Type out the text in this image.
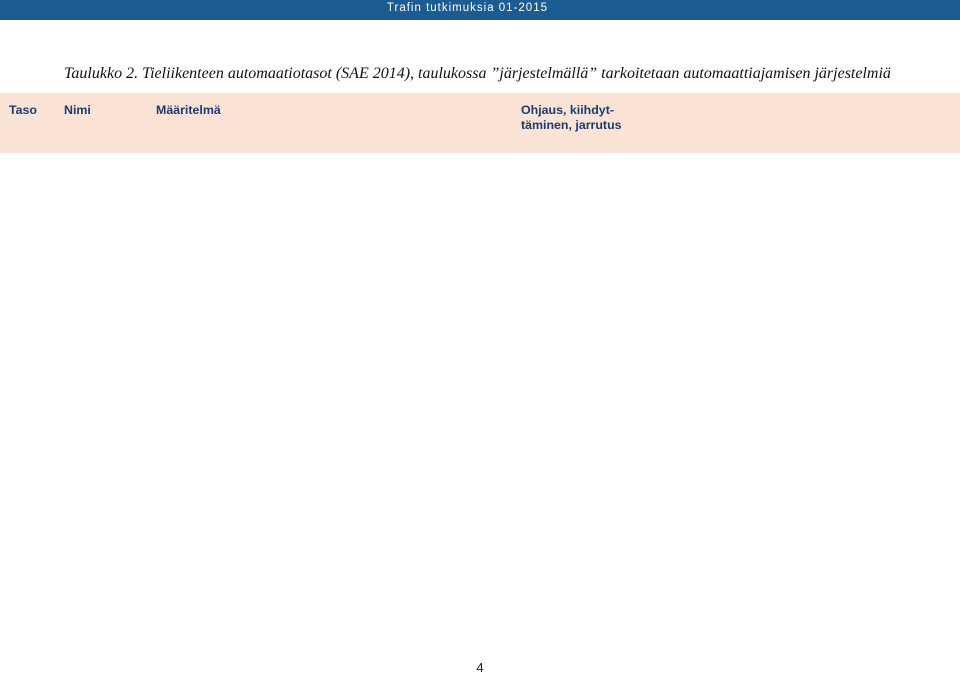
Trafin tutkimuksia 01-2015
Taulukko 2. Tieliikenteen automaatiotasot (SAE 2014), taulukossa ”järjestelmällä” tarkoitetaan automaattiajamisen järjestelmiä
Taso Nimi	Määritelmä	Ohjaus, kiihdyt-
täminen, jarrutus
4
